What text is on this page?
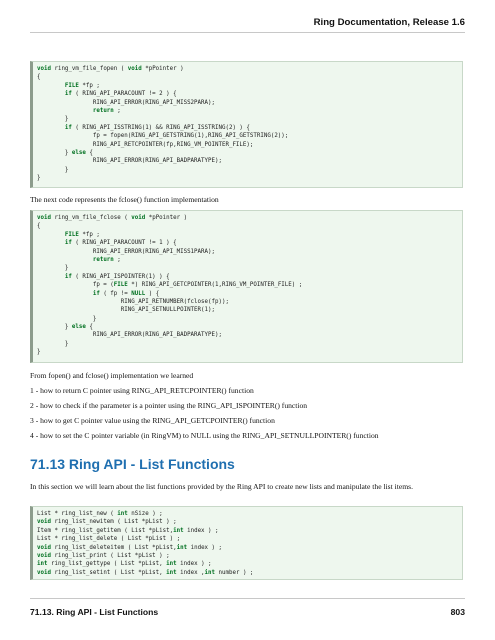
Ring Documentation, Release 1.6
void ring_vm_file_fopen ( void *pPointer )
{
FILE *fp ;
if ( RING_API_PARACOUNT != 2 ) {
RING_API_ERROR(RING_API_MISS2PARA);
return ;
}
if ( RING_API_ISSTRING(1) && RING_API_ISSTRING(2) ) {
fp = fopen(RING_API_GETSTRING(1),RING_API_GETSTRING(2));
RING_API_RETCPOINTER(fp,RING_VM_POINTER_FILE);
} else {
RING_API_ERROR(RING_API_BADPARATYPE);
}
}
The next code represents the fclose() function implementation
void ring_vm_file_fclose ( void *pPointer )
{
FILE *fp ;
if ( RING_API_PARACOUNT != 1 ) {
RING_API_ERROR(RING_API_MISS1PARA);
return ;
}
if ( RING_API_ISPOINTER(1) ) {
fp = (FILE *) RING_API_GETCPOINTER(1,RING_VM_POINTER_FILE) ;
if ( fp != NULL ) {
RING_API_RETNUMBER(fclose(fp));
RING_API_SETNULLPOINTER(1);
}
} else {
RING_API_ERROR(RING_API_BADPARATYPE);
}
}
From fopen() and fclose() implementation we learned
1 - how to return C pointer using RING_API_RETCPOINTER() function
2 - how to check if the parameter is a pointer using the RING_API_ISPOINTER() function
3 - how to get C pointer value using the RING_API_GETCPOINTER() function
4 - how to set the C pointer variable (in RingVM) to NULL using the RING_API_SETNULLPOINTER() function
71.13 Ring API - List Functions
In this section we will learn about the list functions provided by the Ring API to create new lists and manipulate the list items.
List * ring_list_new ( int nSize ) ;
void ring_list_newitem ( List *pList ) ;
Item * ring_list_getitem ( List *pList,int index ) ;
List * ring_list_delete ( List *pList ) ;
void ring_list_deleteitem ( List *pList,int index ) ;
void ring_list_print ( List *pList ) ;
int ring_list_gettype ( List *pList, int index ) ;
void ring_list_setint ( List *pList, int index ,int number ) ;
71.13. Ring API - List Functions	803
